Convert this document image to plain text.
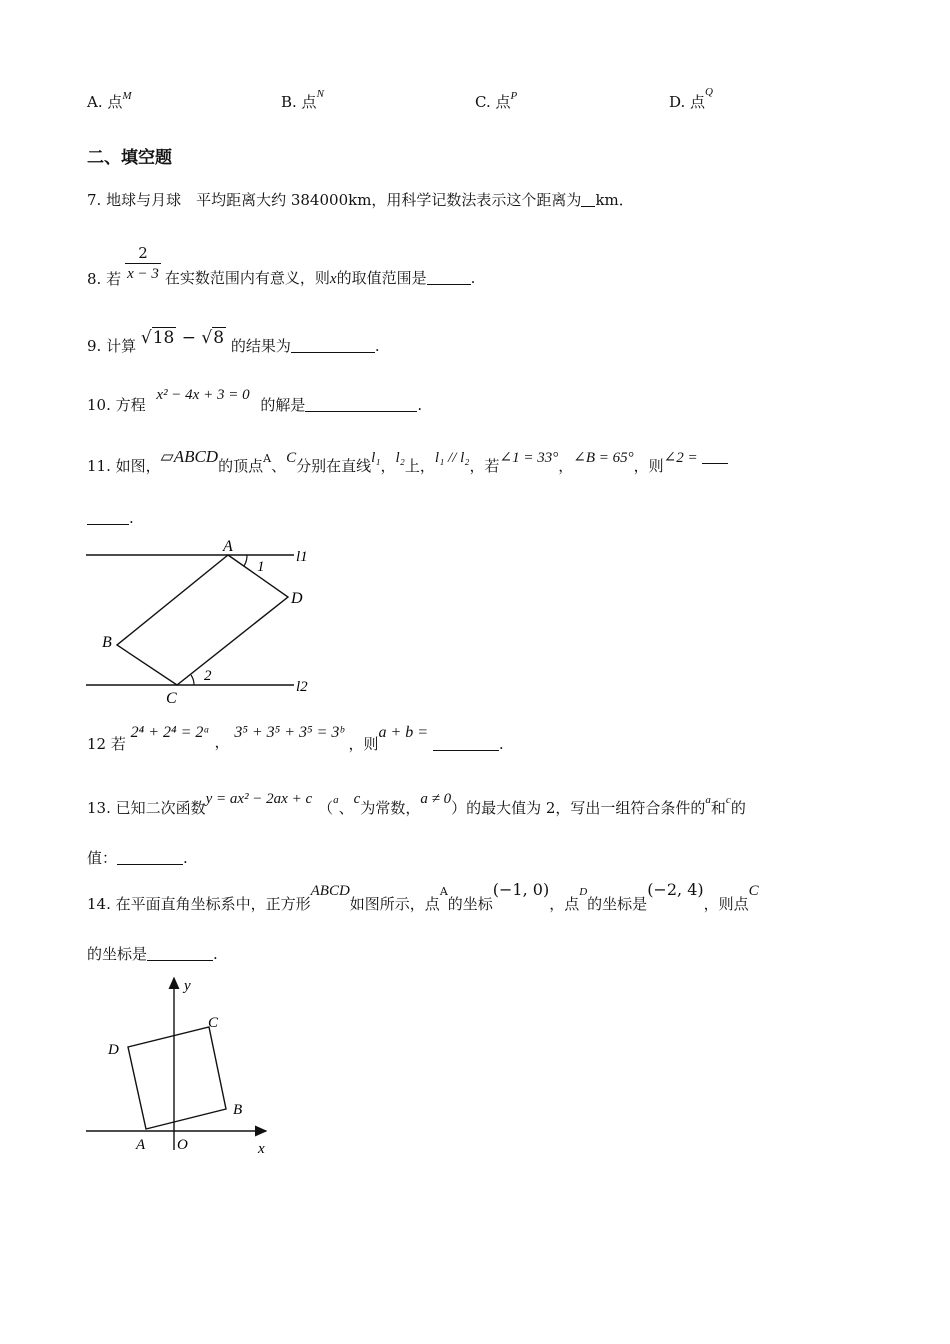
A. 点$^M$	B. 点$^N$	C. 点$^P$	D. 点$^Q$
二、填空题
7. 地球与月球　平均距离大约 384000km，用科学记数法表示这个距离为 km．
8. 若 $\frac{2}{x - 3}$ 在实数范围内有意义，则x的取值范围是	.
9. 计算 √18 − √8 的结果为	.
10. 方程 x² − 4x + 3 = 0 的解是	.
11. 如图，▱ABCD的顶点A、C分别在直线l₁，l₂上，l₁ // l₂，若∠1 = 33°，∠B = 65°，则∠2 =
.
A
B
C
D
1
2
l1
l2
12 若 2⁴ + 2⁴ = 2ᵃ ， 3⁵ + 3⁵ + 3⁵ = 3ᵇ ，则a + b = .
13. 已知二次函数y = ax² − 2ax + c （a、c为常数，a ≠ 0）的最大值为 2，写出一组符合条件的a和c的
值：	.
14. 在平面直角坐标系中，正方形ABCD如图所示，点A的坐标(−1, 0)，点D的坐标是(−2, 4)，则点C
的坐标是	.
A
B
C
D
O	x
y
